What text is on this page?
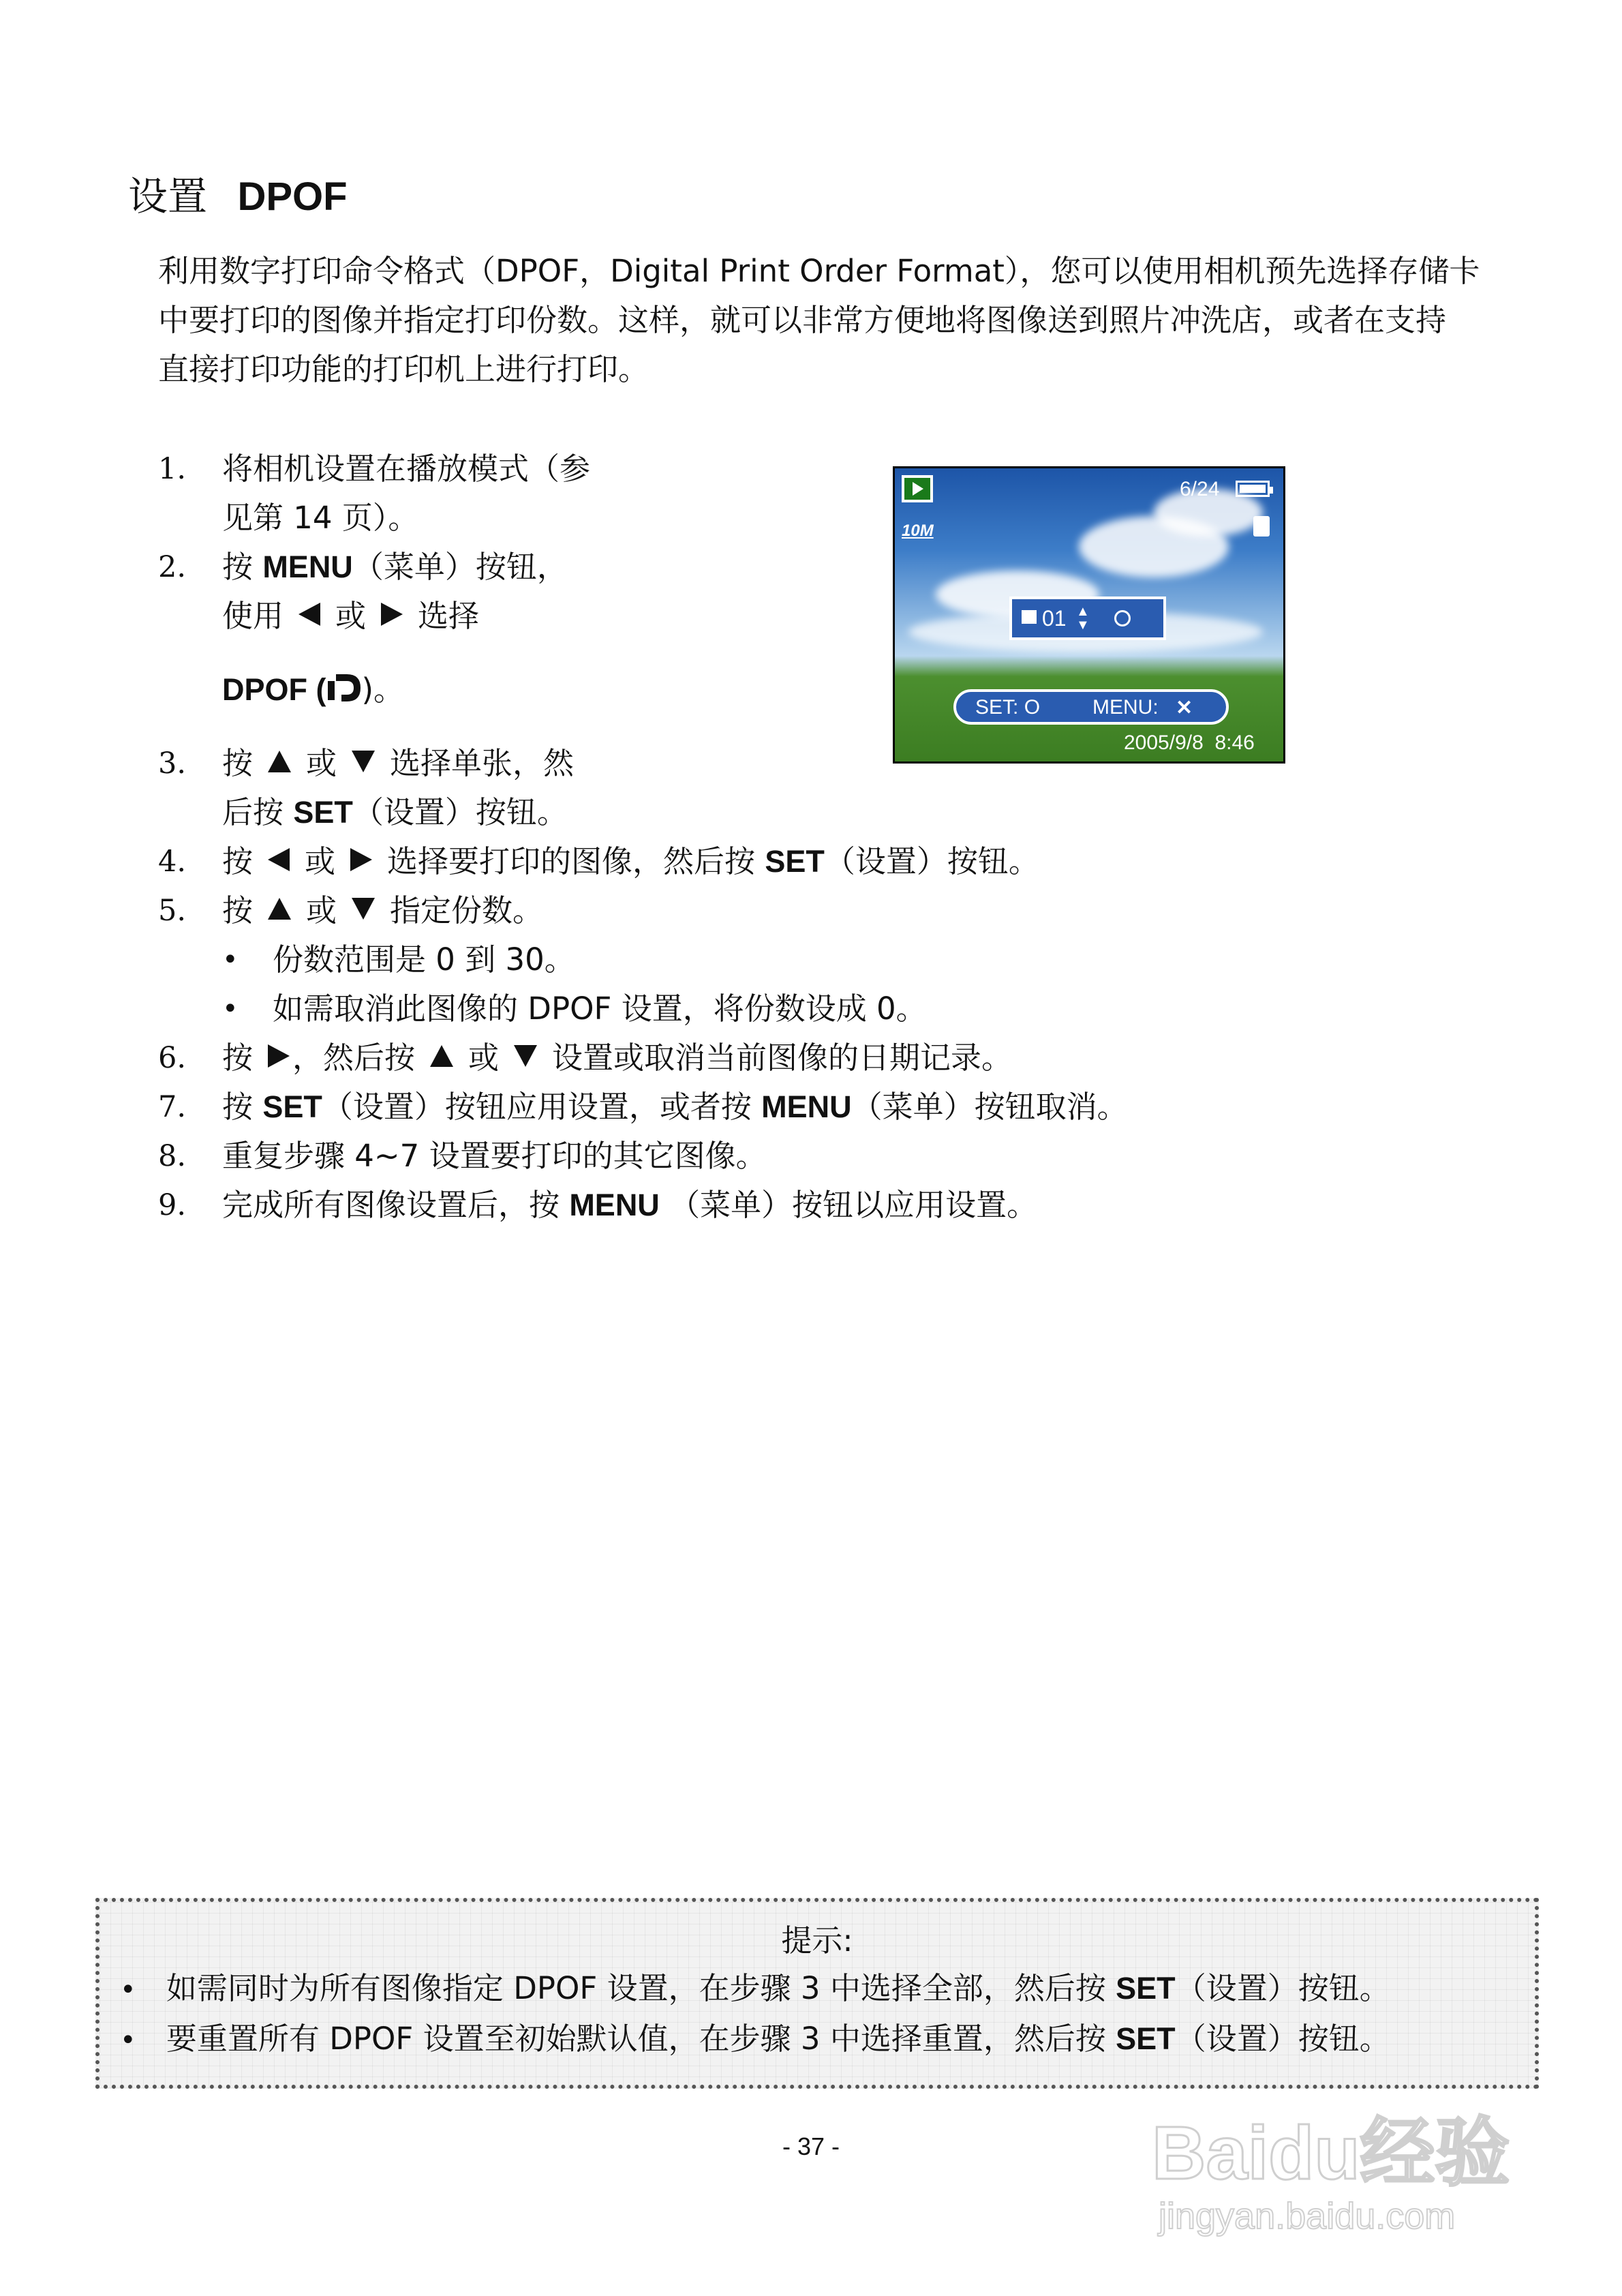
设置 DPOF
利用数字打印命令格式（DPOF，Digital Print Order Format），您可以使用相机预先选择存储卡
中要打印的图像并指定打印份数。这样，就可以非常方便地将图像送到照片冲洗店，或者在支持
直接打印功能的打印机上进行打印。
1. 将相机设置在播放模式（参
见第 14 页）。
2. 按 MENU（菜单）按钮，
使用 或 选择
DPOF ( )。
3. 按 或 选择单张，然
后按 SET（设置）按钮。
4. 按 或 选择要打印的图像，然后按 SET（设置）按钮。
5. 按 或 指定份数。
• 份数范围是 0 到 30。
• 如需取消此图像的 DPOF 设置，将份数设成 0。
6. 按 ，然后按 或 设置或取消当前图像的日期记录。
7. 按 SET（设置）按钮应用设置，或者按 MENU（菜单）按钮取消。
8. 重复步骤 4~7 设置要打印的其它图像。
9. 完成所有图像设置后，按 MENU （菜单）按钮以应用设置。
6/24
10M
01 ▲
▼
SET: O	MENU: ✕
2005/9/8  8:46
提示:
• 如需同时为所有图像指定 DPOF 设置，在步骤 3 中选择全部，然后按 SET（设置）按钮。
• 要重置所有 DPOF 设置至初始默认值，在步骤 3 中选择重置，然后按 SET（设置）按钮。
- 37 -	Baidu经验
jingyan.baidu.com
